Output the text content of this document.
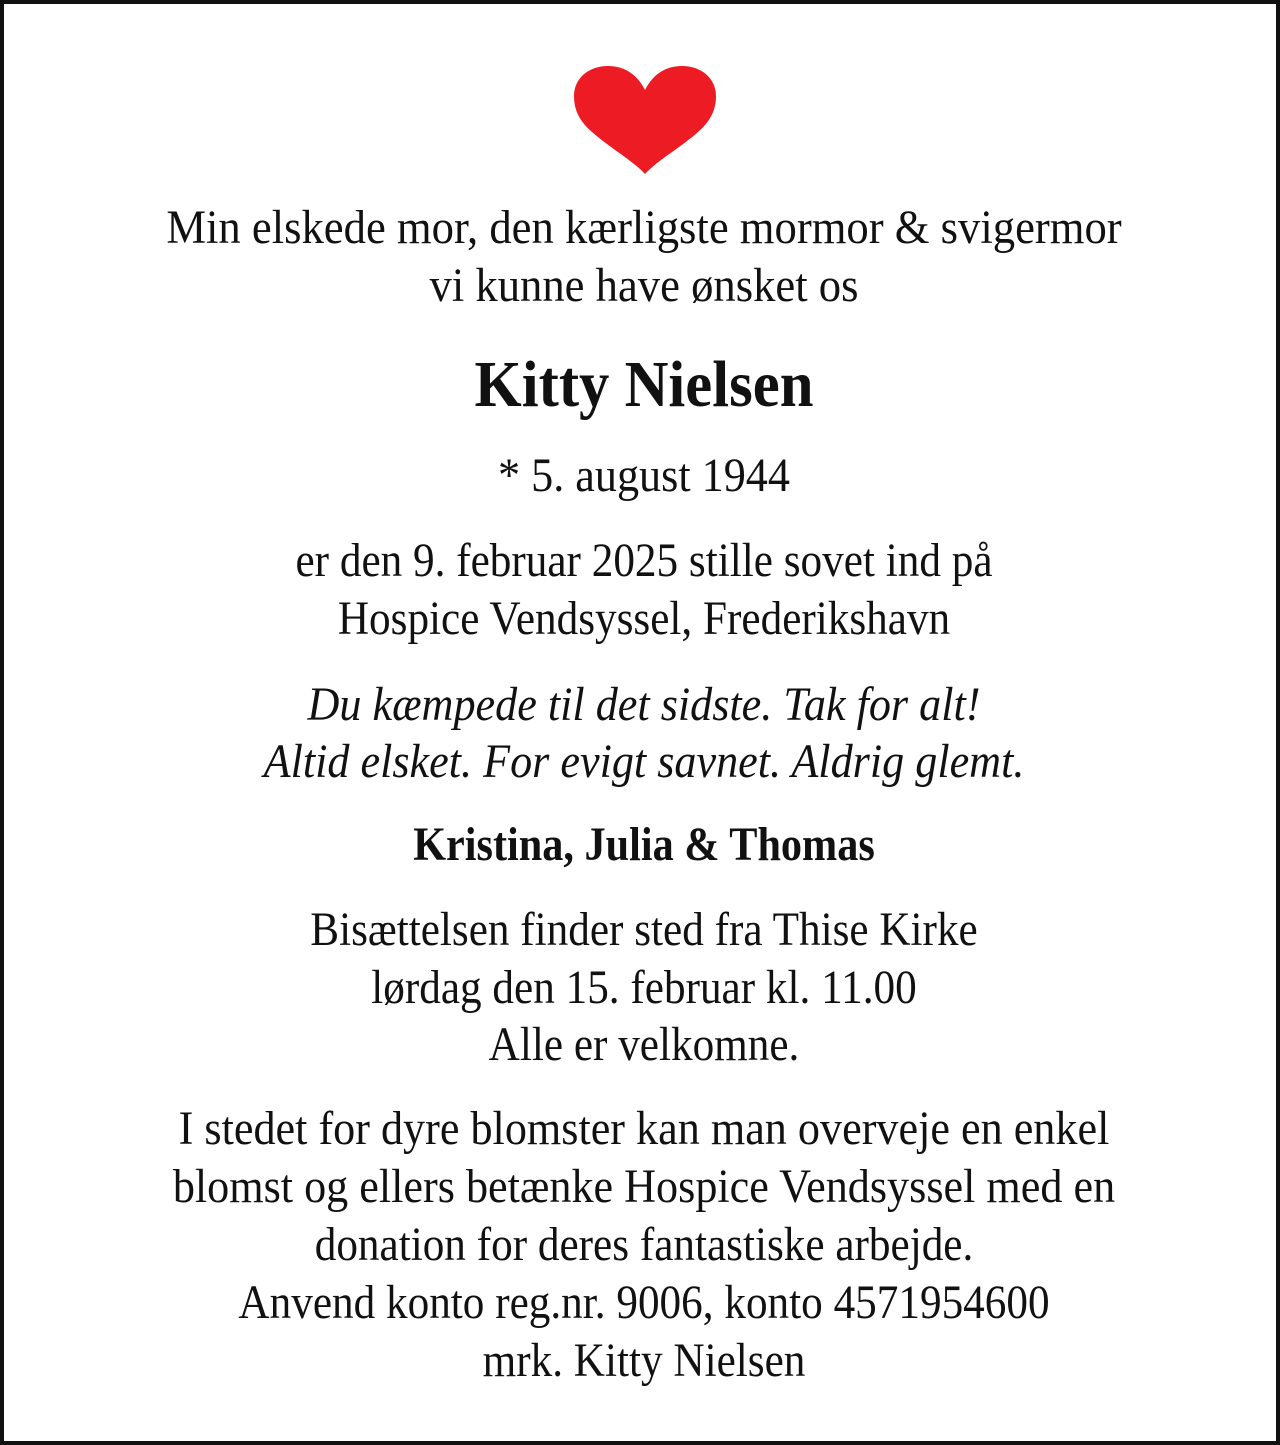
Min elskede mor, den kærligste mormor & svigermor
vi kunne have ønsket os
Kitty Nielsen
* 5. august 1944
er den 9. februar 2025 stille sovet ind på
Hospice Vendsyssel, Frederikshavn
Du kæmpede til det sidste. Tak for alt!
Altid elsket. For evigt savnet. Aldrig glemt.
Kristina, Julia & Thomas
Bisættelsen finder sted fra Thise Kirke
lørdag den 15. februar kl. 11.00
Alle er velkomne.
I stedet for dyre blomster kan man overveje en enkel
blomst og ellers betænke Hospice Vendsyssel med en
donation for deres fantastiske arbejde.
Anvend konto reg.nr. 9006, konto 4571954600
mrk. Kitty Nielsen
